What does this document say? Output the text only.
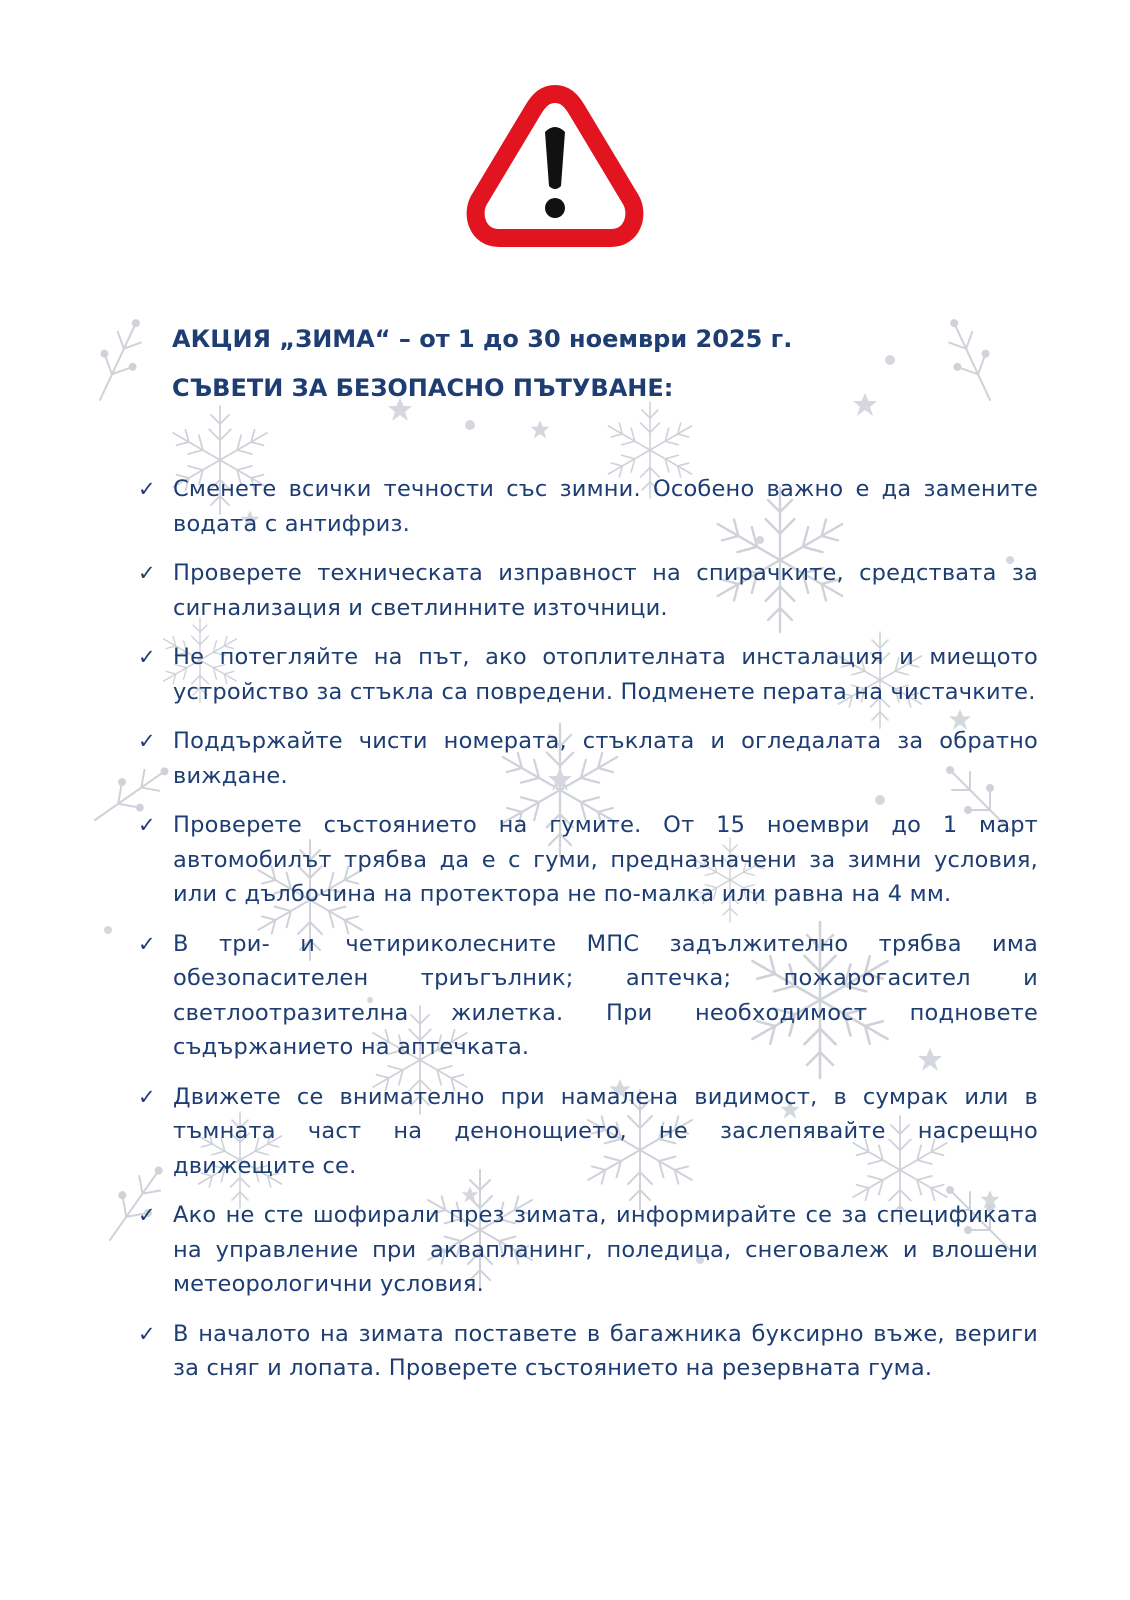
АКЦИЯ „ЗИМА“ – от 1 до 30 ноември 2025 г.
СЪВЕТИ ЗА БЕЗОПАСНО ПЪТУВАНЕ:
✓ Сменете всички течности със зимни. Особено важно е да замените водата с антифриз.
✓ Проверете техническата изправност на спирачките, средствата за сигнализация и светлинните източници.
✓ Не потегляйте на път, ако отоплителната инсталация и миещото устройство за стъкла са повредени. Подменете перата на чистачките.
✓ Поддържайте чисти номерата, стъклата и огледалата за обратно виждане.
✓ Проверете състоянието на гумите. От 15 ноември до 1 март автомобилът трябва да е с гуми, предназначени за зимни условия, или с дълбочина на протектора не по-малка или равна на 4 мм.
✓ В три- и четириколесните МПС задължително трябва има обезопасителен триъгълник; аптечка; пожарогасител и светлоотразителна жилетка. При необходимост подновете съдържанието на аптечката.
✓ Движете се внимателно при намалена видимост, в сумрак или в тъмната част на денонощието, не заслепявайте насрещно движещите се.
✓ Ако не сте шофирали през зимата, информирайте се за спецификата на управление при аквапланинг, поледица, снеговалеж и влошени метеорологични условия.
✓ В началото на зимата поставете в багажника буксирно въже, вериги за сняг и лопата. Проверете състоянието на резервната гума.
